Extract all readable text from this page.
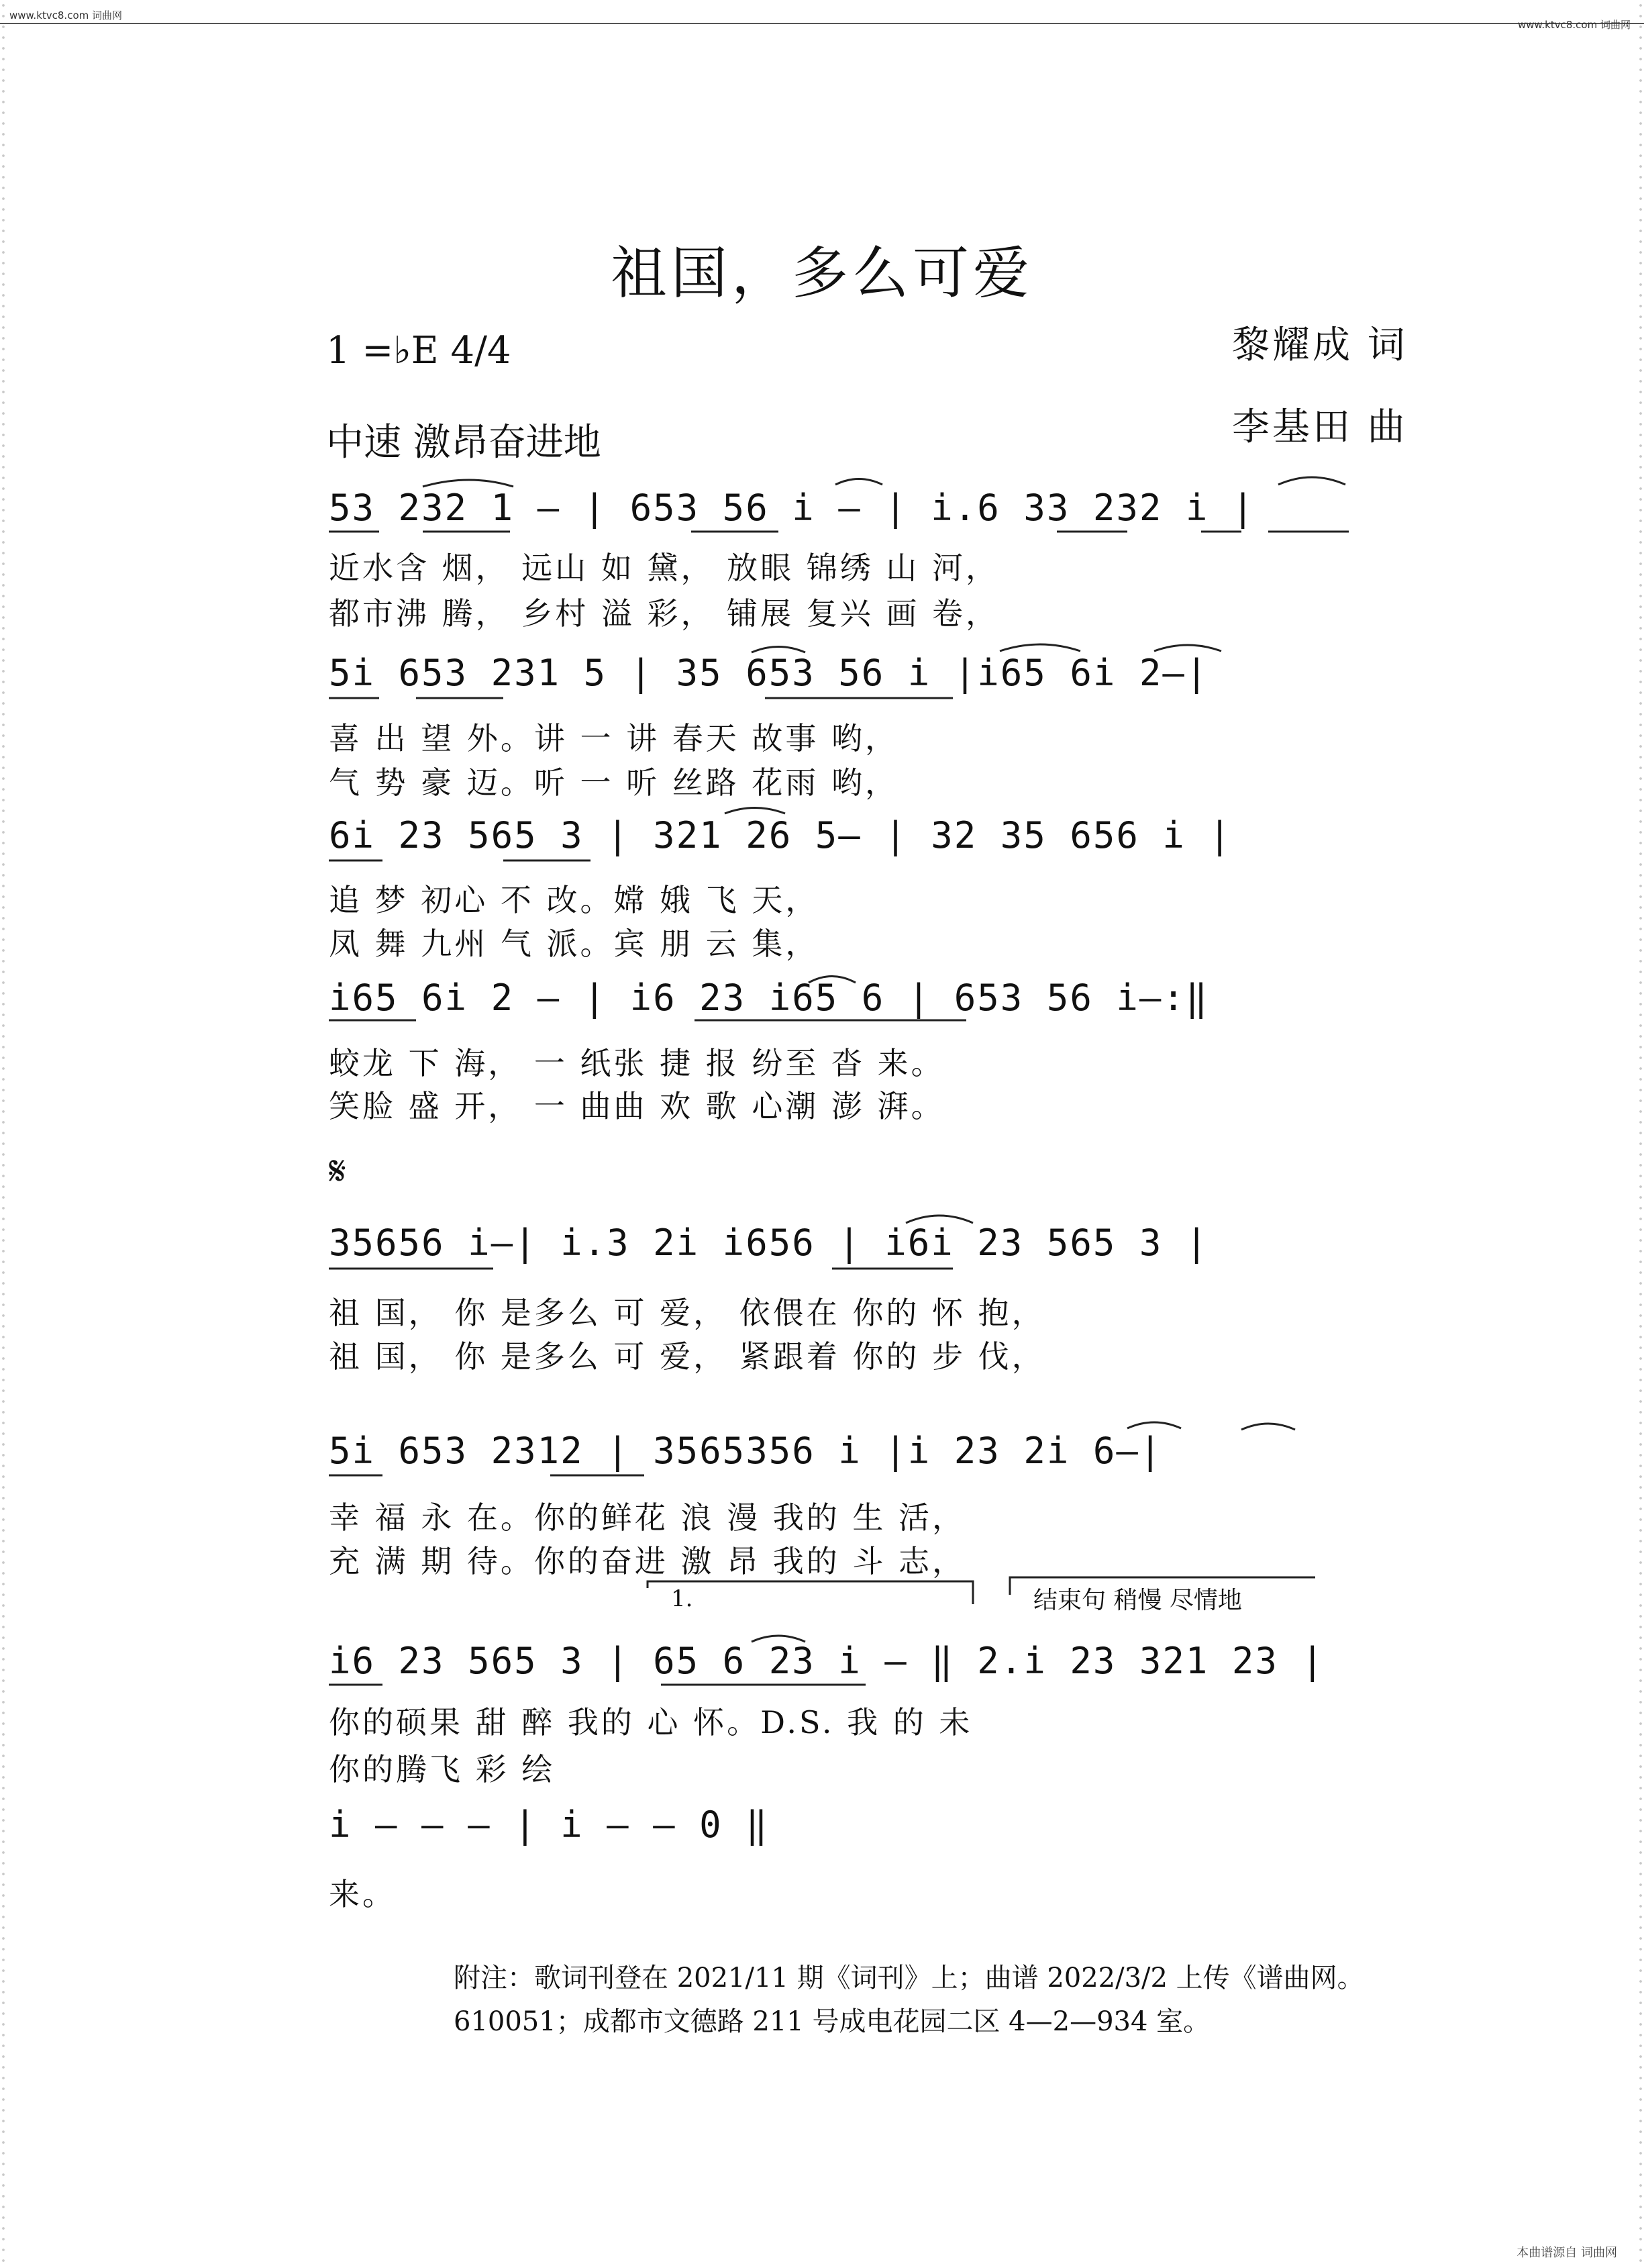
www.ktvc8.com 词曲网
www.ktvc8.com 词曲网
祖国，多么可爱
1 =♭E 4/4
中速 激昂奋进地
黎耀成 词
李基田 曲
53 232 1 — | 653 56 i — | i.6 33 232 i |
近水含 烟， 远山 如 黛， 放眼 锦绣 山 河，
都市沸 腾， 乡村 溢 彩， 铺展 复兴 画 卷，
5i 653 231 5 | 35 653 56 i |i65 6i 2—|
喜 出 望 外。讲 一 讲 春天 故事 哟，
气 势 豪 迈。听 一 听 丝路 花雨 哟，
6i 23 565 3 | 321 26 5— | 32 35 656 i |
追 梦 初心 不 改。嫦 娥 飞 天，
凤 舞 九州 气 派。宾 朋 云 集，
i65 6i 2 — | i6 23 i65 6 | 653 56 i—:‖
蛟龙 下 海， 一 纸张 捷 报 纷至 沓 来。
笑脸 盛 开， 一 曲曲 欢 歌 心潮 澎 湃。
𝄋
35656 i—| i.3 2i i656 | i6i 23 565 3 |
祖 国， 你 是多么 可 爱， 依偎在 你的 怀 抱，
祖 国， 你 是多么 可 爱， 紧跟着 你的 步 伐，
5i 653 2312 | 3565356 i |i 23 2i 6—|
幸 福 永 在。你的鲜花 浪 漫 我的 生 活，
充 满 期 待。你的奋进 激 昂 我的 斗 志，
1.	结束句 稍慢 尽情地
i6 23 565 3 | 65 6 23 i — ‖ 2.i 23 321 23 |
你的硕果 甜 醉 我的 心 怀。D.S. 我 的 未
你的腾飞 彩 绘
i — — — | i — — 0 ‖
来。
附注：歌词刊登在 2021/11 期《词刊》上；曲谱 2022/3/2 上传《谱曲网。
610051；成都市文德路 211 号成电花园二区 4—2—934 室。
本曲谱源自 词曲网
